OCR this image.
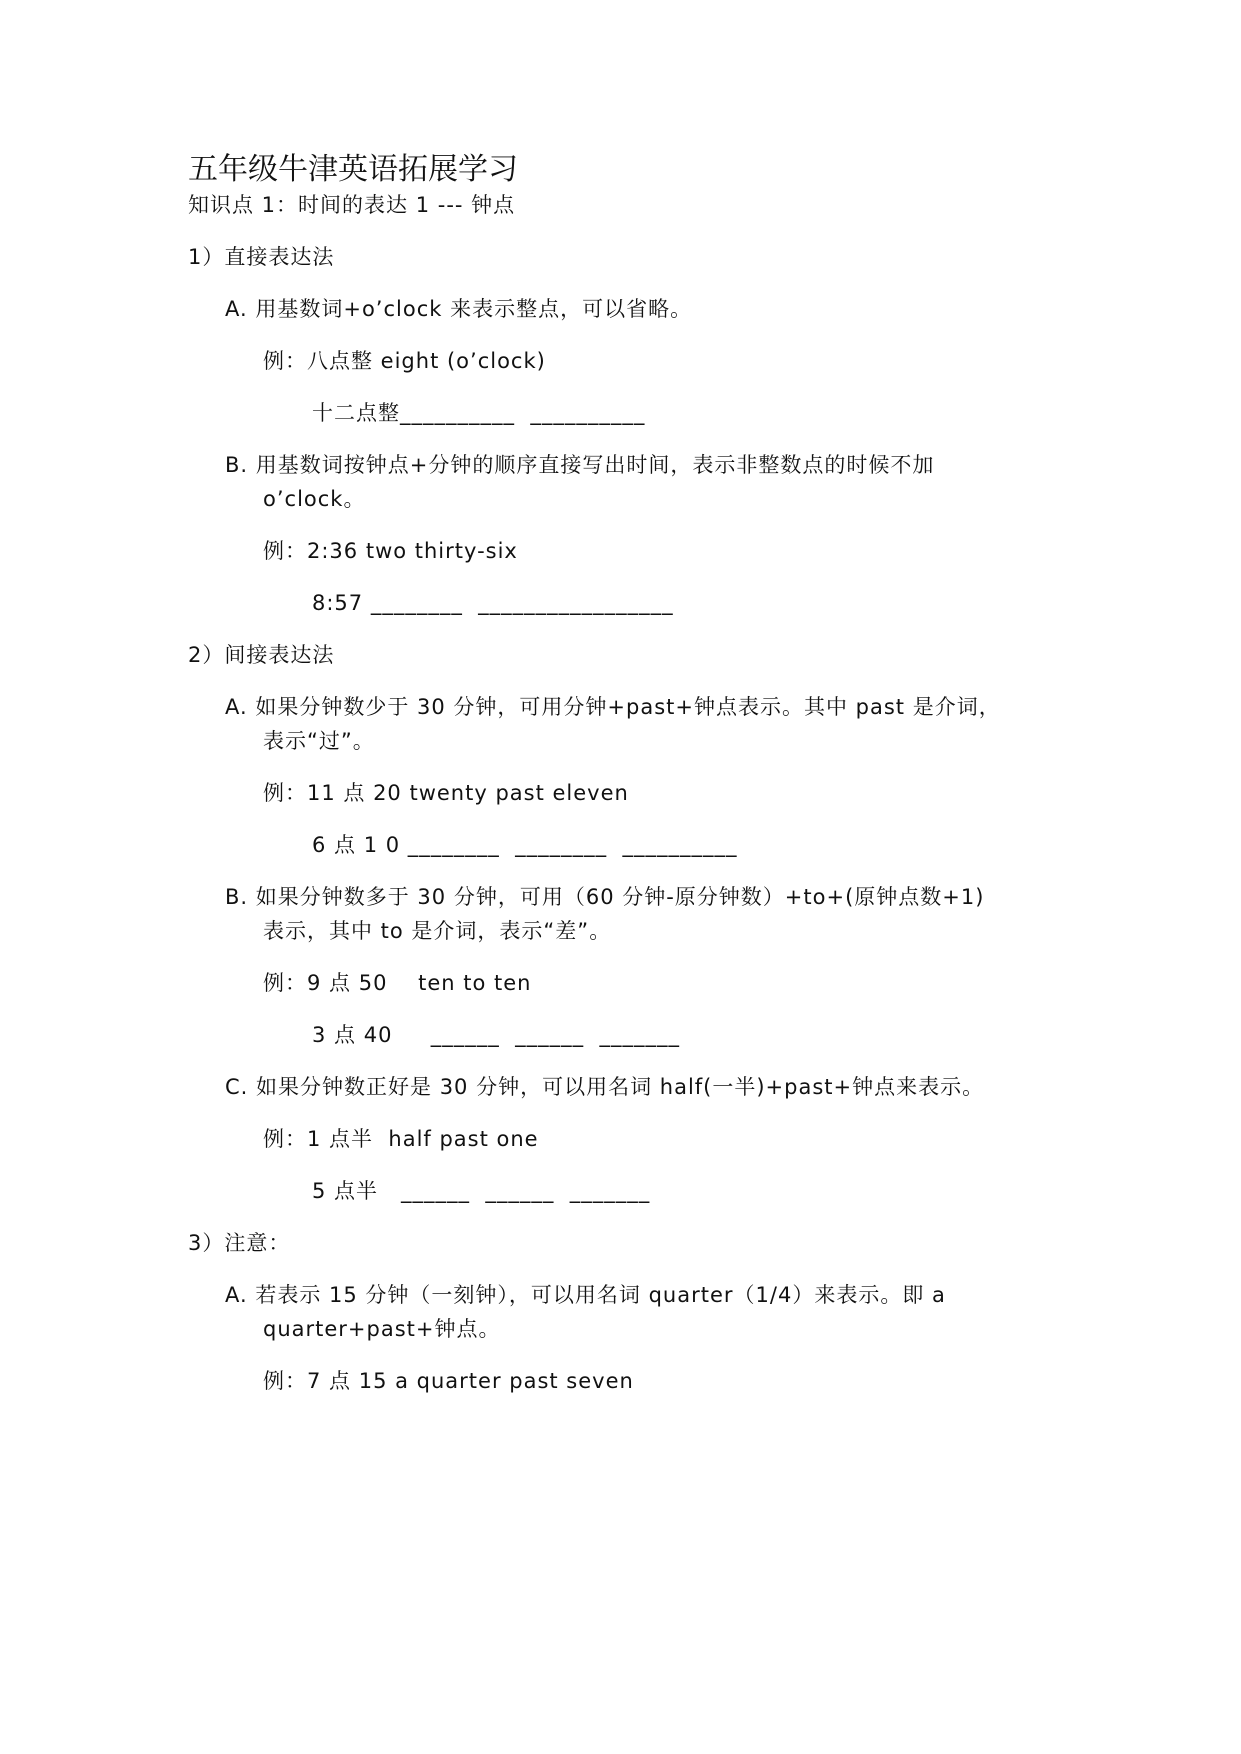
五年级牛津英语拓展学习
知识点 1：时间的表达 1 --- 钟点
1）直接表达法
A. 用基数词+o’clock 来表示整点，可以省略。
例：八点整 eight (o’clock)
十二点整__________  __________
B. 用基数词按钟点+分钟的顺序直接写出时间，表示非整数点的时候不加
o’clock。
例：2:36 two thirty-six
8:57 ________  _________________
2）间接表达法
A. 如果分钟数少于 30 分钟，可用分钟+past+钟点表示。其中 past 是介词，
表示“过”。
例：11 点 20 twenty past eleven
6 点 1 0 ________  ________  __________
B. 如果分钟数多于 30 分钟，可用（60 分钟-原分钟数）+to+(原钟点数+1)
表示，其中 to 是介词，表示“差”。
例：9 点 50    ten to ten
3 点 40     ______  ______  _______
C. 如果分钟数正好是 30 分钟，可以用名词 half(一半)+past+钟点来表示。
例：1 点半  half past one
5 点半   ______  ______  _______
3）注意：
A. 若表示 15 分钟（一刻钟），可以用名词 quarter（1/4）来表示。即 a
quarter+past+钟点。
例：7 点 15 a quarter past seven
